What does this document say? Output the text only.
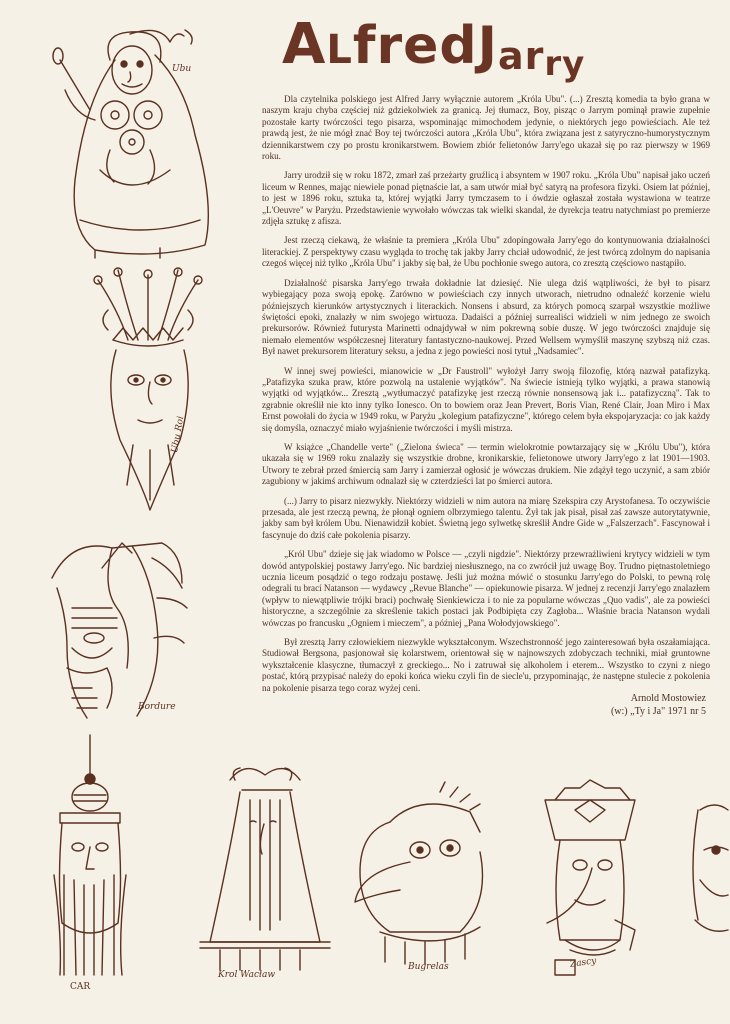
ALfredJarry

Dla czytelnika polskiego jest Alfred Jarry wyłącznie autorem „Króla Ubu". (...) Zresztą komedia ta było grana w naszym kraju chyba częściej niż gdziekolwiek za granicą. Jej tłumacz, Boy, pisząc o Jarrym pominął prawie zupełnie pozostałe karty twórczości tego pisarza, wspominając mimochodem jedynie, o niektórych jego powieściach. Ale też prawdą jest, że nie mógł znać Boy tej twórczości autora „Króla Ubu", która związana jest z satyryczno-humorystycznym dziennikarstwem czy po prostu kronikarstwem. Bowiem zbiór felietonów Jarry'ego ukazał się po raz pierwszy w 1969 roku.

Jarry urodził się w roku 1872, zmarł zaś przeżarty gruźlicą i absyntem w 1907 roku. „Króla Ubu" napisał jako uczeń liceum w Rennes, mając niewiele ponad piętnaście lat, a sam utwór miał być satyrą na profesora fizyki. Osiem lat później, to jest w 1896 roku, sztuka ta, której wyjątki Jarry tymczasem to i ówdzie ogłaszał została wystawiona w teatrze „L'Oeuvre" w Paryżu. Przedstawienie wywołało wówczas tak wielki skandal, że dyrekcja teatru natychmiast po premierze zdjęła sztukę z afisza.

Jest rzeczą ciekawą, że właśnie ta premiera „Króla Ubu" zdopingowała Jarry'ego do kontynuowania działalności literackiej. Z perspektywy czasu wygląda to trochę tak jakby Jarry chciał udowodnić, że jest twórcą zdolnym do napisania czegoś więcej niż tylko „Króla Ubu" i jakby się bał, że Ubu pochłonie swego autora, co zresztą częściowo nastąpiło.

Działalność pisarska Jarry'ego trwała dokładnie lat dziesięć. Nie ulega dziś wątpliwości, że był to pisarz wybiegający poza swoją epokę. Zarówno w powieściach czy innych utworach, nietrudno odnaleźć korzenie wielu późniejszych kierunków artystycznych i literackich. Nonsens i absurd, za których pomocą szarpał wszystkie możliwe świętości epoki, znalazły w nim swojego wirtuoza. Dadaiści a później surrealiści widzieli w nim jednego ze swoich prekursorów. Również futurysta Marinetti odnajdywał w nim pokrewną sobie duszę. W jego twórczości znajduje się niemało elementów współczesnej literatury fantastyczno-naukowej. Przed Wellsem wymyślił maszynę szybszą niż czas. Był nawet prekursorem literatury seksu, a jedna z jego powieści nosi tytuł „Nadsamiec".

W innej swej powieści, mianowicie w „Dr Faustroll" wyłożył Jarry swoją filozofię, którą nazwał patafizyką. „Patafizyka szuka praw, które pozwolą na ustalenie wyjątków". Na świecie istnieją tylko wyjątki, a prawa stanowią wyjątki od wyjątków... Zresztą „wytłumaczyć patafizykę jest rzeczą równie nonsensową jak i... patafizyczną". Tak to zgrabnie określił nie kto inny tylko Ionesco. On to bowiem oraz Jean Prevert, Boris Vian, René Clair, Joan Miro i Max Ernst powołali do życia w 1949 roku, w Paryżu „kolegium patafizyczne", którego celem była ekspojaryzacja: co jak każdy się domyśla, oznaczyć miało wyjaśnienie twórczości i myśli mistrza.

W książce „Chandelle verte" („Zielona świeca" — termin wielokrotnie powtarzający się w „Królu Ubu"), która ukazała się w 1969 roku znalazły się wszystkie drobne, kronikarskie, felietonowe utwory Jarry'ego z lat 1901—1903. Utwory te zebrał przed śmiercią sam Jarry i zamierzał ogłosić je wówczas drukiem. Nie zdążył tego uczynić, a sam zbiór zagubiony w jakimś archiwum odnalazł się w czterdzieści lat po śmierci autora.

(...) Jarry to pisarz niezwykły. Niektórzy widzieli w nim autora na miarę Szekspira czy Arystofanesa. To oczywiście przesada, ale jest rzeczą pewną, że płonął ogniem olbrzymiego talentu. Żył tak jak pisał, pisał zaś zawsze autorytatywnie, jakby sam był królem Ubu. Nienawidził kobiet. Świetną jego sylwetkę skreślił Andre Gide w „Falszerzach". Fascynował i fascynuje do dziś całe pokolenia pisarzy.

„Król Ubu" dzieje się jak wiadomo w Polsce — „czyli nigdzie". Niektórzy przewrażliwieni krytycy widzieli w tym dowód antypolskiej postawy Jarry'ego. Nic bardziej niesłusznego, na co zwrócił już uwagę Boy. Trudno piętnastoletniego ucznia liceum posądzić o tego rodzaju postawę. Jeśli już można mówić o stosunku Jarry'ego do Polski, to pewną rolę odegrali tu brací Natanson — wydawcy „Revue Blanche" — opiekunowie pisarza. W jednej z recenzji Jarry'ego znalazłem (wpływ to niewątpliwie trójki braci) pochwałę Sienkiewicza i to nie za popularne wówczas „Quo vadis", ale za powieści historyczne, a szczególnie za skreślenie takich postaci jak Podbipięta czy Zagłoba... Właśnie bracia Natanson wydali wówczas po francusku „Ogniem i mieczem", a później „Pana Wołodyjowskiego".

Był zresztą Jarry człowiekiem niezwykle wykształconym. Wszechstronność jego zainteresowań była oszałamiająca. Studiował Bergsona, pasjonował się kolarstwem, orientował się w najnowszych zdobyczach techniki, miał gruntowne wykształcenie klasyczne, tłumaczył z greckiego... No i zatruwał się alkoholem i eterem... Wszystko to czyni z niego postać, którą przypisać należy do epoki końca wieku czyli fin de siecle'u, przypominając, że następne stulecie z pokolenia na pokolenie pisarza tego coraz wyżej ceni.

Arnold Mostowiez
(w:) „Ty i Ja" 1971 nr 5
Ubu
Ubu Roi
Bordure
CAR
Krol Wacław
Bugrelas	Zascy
